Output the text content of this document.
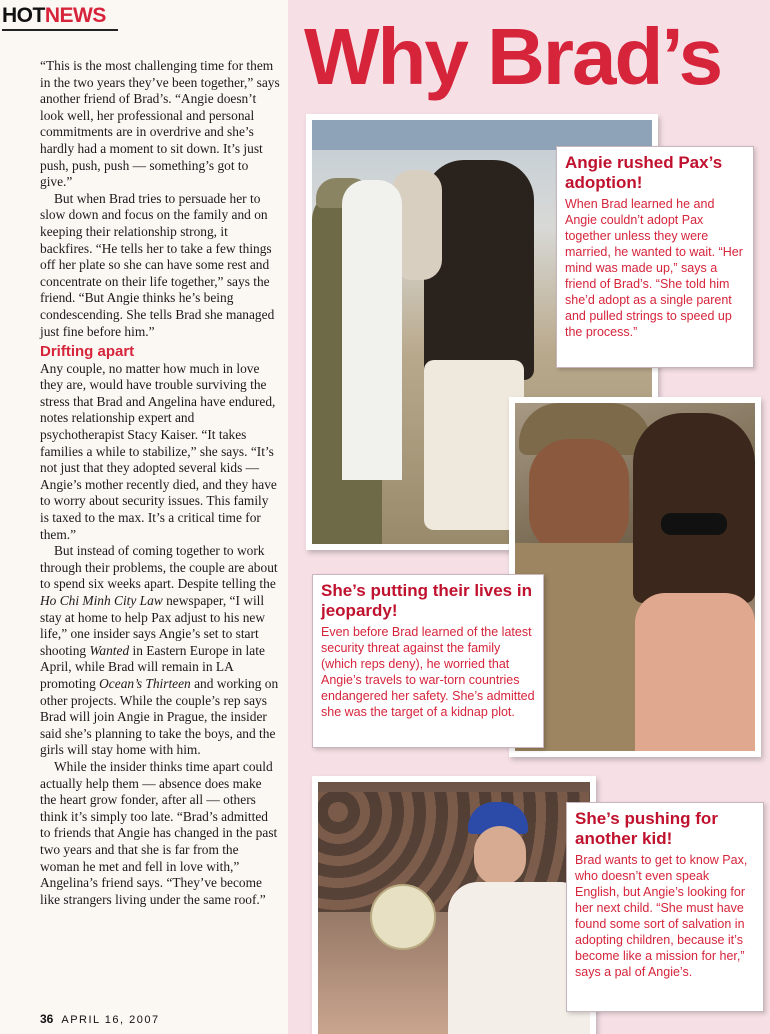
HOTNEWS

“This is the most challenging time for them in the two years they’ve been together,” says another friend of Brad’s. “Angie doesn’t look well, her professional and personal commitments are in overdrive and she’s hardly had a moment to sit down. It’s just push, push, push — something’s got to give.”

But when Brad tries to persuade her to slow down and focus on the family and on keeping their relationship strong, it backfires. “He tells her to take a few things off her plate so she can have some rest and concentrate on their life together,” says the friend. “But Angie thinks he’s being condescending. She tells Brad she managed just fine before him.”

Drifting apart

Any couple, no matter how much in love they are, would have trouble surviving the stress that Brad and Angelina have endured, notes relationship expert and psychotherapist Stacy Kaiser. “It takes families a while to stabilize,” she says. “It’s not just that they adopted several kids — Angie’s mother recently died, and they have to worry about security issues. This family is taxed to the max. It’s a critical time for them.”

But instead of coming together to work through their problems, the couple are about to spend six weeks apart. Despite telling the Ho Chi Minh City Law newspaper, “I will stay at home to help Pax adjust to his new life,” one insider says Angie’s set to start shooting Wanted in Eastern Europe in late April, while Brad will remain in LA promoting Ocean’s Thirteen and working on other projects. While the couple’s rep says Brad will join Angie in Prague, the insider said she’s planning to take the boys, and the girls will stay home with him.

While the insider thinks time apart could actually help them — absence does make the heart grow fonder, after all — others think it’s simply too late. “Brad’s admitted to friends that Angie has changed in the past two years and that she is far from the woman he met and fell in love with,” Angelina’s friend says. “They’ve become like strangers living under the same roof.”

36 APRIL 16, 2007
Why Brad’s
Angie rushed Pax’s adoption!

When Brad learned he and Angie couldn’t adopt Pax together unless they were married, he wanted to wait. “Her mind was made up,” says a friend of Brad’s. “She told him she’d adopt as a single parent and pulled strings to speed up the process.”

She’s putting their lives in jeopardy!

Even before Brad learned of the latest security threat against the family (which reps deny), he worried that Angie’s travels to war-torn countries endangered her safety. She’s admitted she was the target of a kidnap plot.

She’s pushing for another kid!

Brad wants to get to know Pax, who doesn’t even speak English, but Angie’s looking for her next child. “She must have found some sort of salvation in adopting children, because it’s become like a mission for her,” says a pal of Angie’s.
